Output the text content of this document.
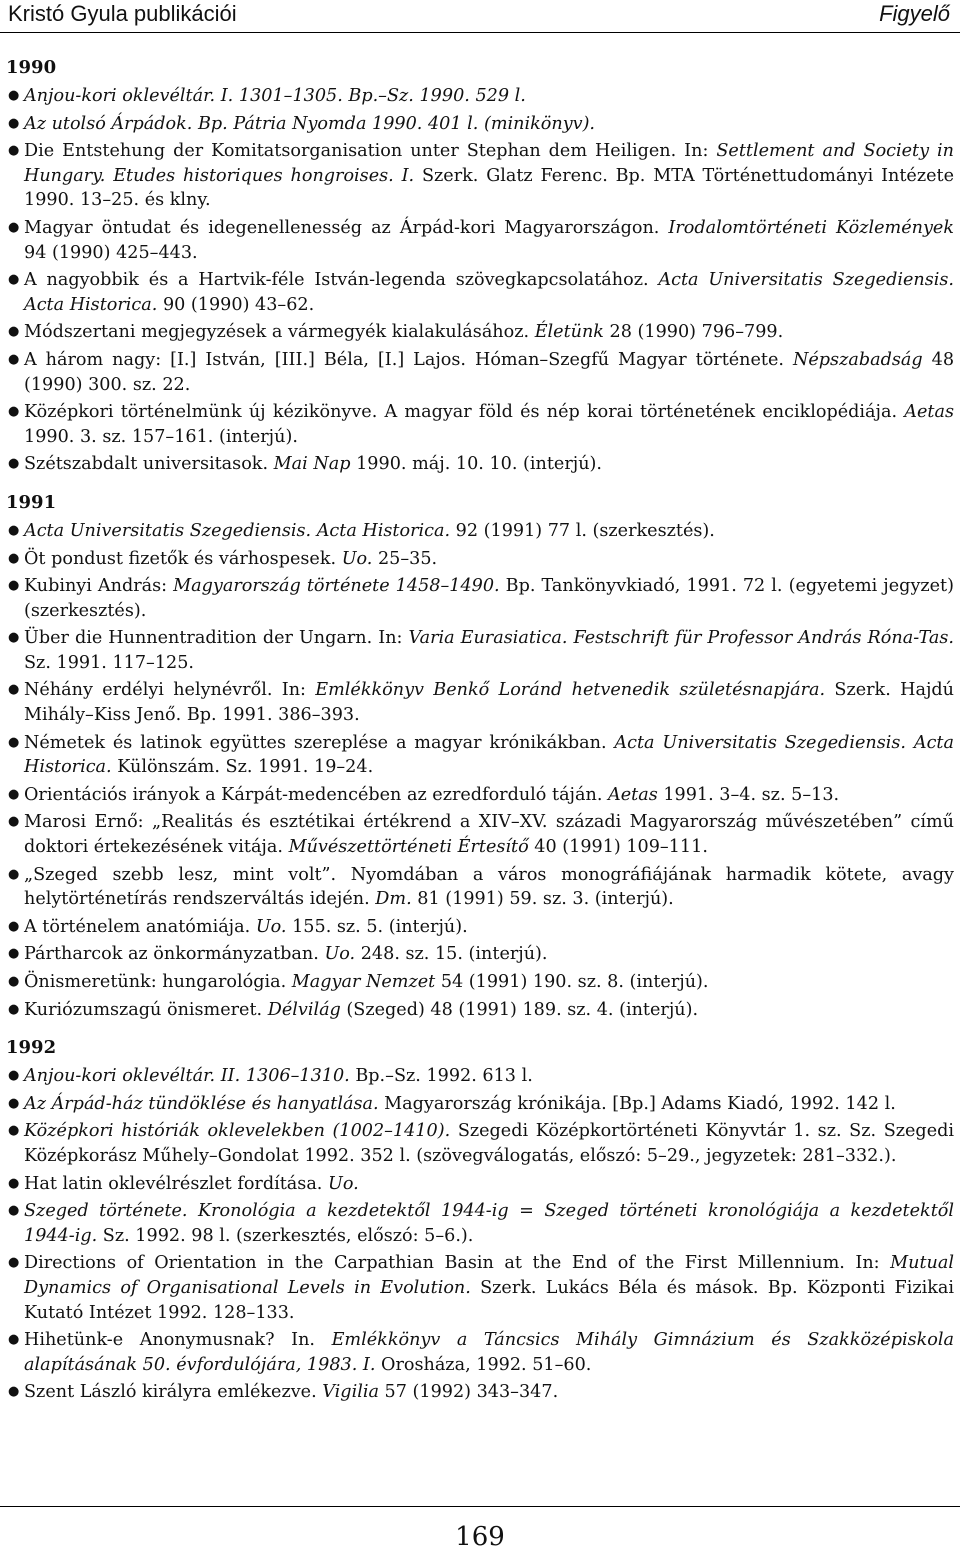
Kristó Gyula publikációi	Figyelő
1990
● Anjou-kori oklevéltár. I. 1301–1305. Bp.–Sz. 1990. 529 l.
● Az utolsó Árpádok. Bp. Pátria Nyomda 1990. 401 l. (minikönyv).
● Die Entstehung der Komitatsorganisation unter Stephan dem Heiligen. In: Settlement and Society in Hungary. Etudes historiques hongroises. I. Szerk. Glatz Ferenc. Bp. MTA Történettudományi Intézete 1990. 13–25. és klny.
● Magyar öntudat és idegenellenesség az Árpád-kori Magyarországon. Irodalomtörténeti Közlemények 94 (1990) 425–443.
● A nagyobbik és a Hartvik-féle István-legenda szövegkapcsolatához. Acta Universitatis Szegediensis. Acta Historica. 90 (1990) 43–62.
● Módszertani megjegyzések a vármegyék kialakulásához. Életünk 28 (1990) 796–799.
● A három nagy: [I.] István, [III.] Béla, [I.] Lajos. Hóman–Szegfű Magyar története. Népszabadság 48 (1990) 300. sz. 22.
● Középkori történelmünk új kézikönyve. A magyar föld és nép korai történetének enciklopédiája. Aetas 1990. 3. sz. 157–161. (interjú).
● Szétszabdalt universitasok. Mai Nap 1990. máj. 10. 10. (interjú).
1991
● Acta Universitatis Szegediensis. Acta Historica. 92 (1991) 77 l. (szerkesztés).
● Öt pondust fizetők és várhospesek. Uo. 25–35.
● Kubinyi András: Magyarország története 1458–1490. Bp. Tankönyvkiadó, 1991. 72 l. (egyetemi jegyzet) (szerkesztés).
● Über die Hunnentradition der Ungarn. In: Varia Eurasiatica. Festschrift für Professor András Róna-Tas. Sz. 1991. 117–125.
● Néhány erdélyi helynévről. In: Emlékkönyv Benkő Loránd hetvenedik születésnapjára. Szerk. Hajdú Mihály–Kiss Jenő. Bp. 1991. 386–393.
● Németek és latinok együttes szereplése a magyar krónikákban. Acta Universitatis Szegediensis. Acta Historica. Különszám. Sz. 1991. 19–24.
● Orientációs irányok a Kárpát-medencében az ezredforduló táján. Aetas 1991. 3–4. sz. 5–13.
● Marosi Ernő: „Realitás és esztétikai értékrend a XIV–XV. századi Magyarország művészetében” című doktori értekezésének vitája. Művészettörténeti Értesítő 40 (1991) 109–111.
● „Szeged szebb lesz, mint volt”. Nyomdában a város monográfiájának harmadik kötete, avagy helytörténetírás rendszerváltás idején. Dm. 81 (1991) 59. sz. 3. (interjú).
● A történelem anatómiája. Uo. 155. sz. 5. (interjú).
● Pártharcok az önkormányzatban. Uo. 248. sz. 15. (interjú).
● Önismeretünk: hungarológia. Magyar Nemzet 54 (1991) 190. sz. 8. (interjú).
● Kuriózumszagú önismeret. Délvilág (Szeged) 48 (1991) 189. sz. 4. (interjú).
1992
● Anjou-kori oklevéltár. II. 1306–1310. Bp.–Sz. 1992. 613 l.
● Az Árpád-ház tündöklése és hanyatlása. Magyarország krónikája. [Bp.] Adams Kiadó, 1992. 142 l.
● Középkori históriák oklevelekben (1002–1410). Szegedi Középkortörténeti Könyvtár 1. sz. Sz. Szegedi Középkorász Műhely–Gondolat 1992. 352 l. (szövegválogatás, előszó: 5–29., jegyzetek: 281–332.).
● Hat latin oklevélrészlet fordítása. Uo.
● Szeged története. Kronológia a kezdetektől 1944-ig = Szeged történeti kronológiája a kezdetektől 1944-ig. Sz. 1992. 98 l. (szerkesztés, előszó: 5–6.).
● Directions of Orientation in the Carpathian Basin at the End of the First Millennium. In: Mutual Dynamics of Organisational Levels in Evolution. Szerk. Lukács Béla és mások. Bp. Központi Fizikai Kutató Intézet 1992. 128–133.
● Hihetünk-e Anonymusnak? In. Emlékkönyv a Táncsics Mihály Gimnázium és Szakközépiskola alapításának 50. évfordulójára, 1983. I. Orosháza, 1992. 51–60.
● Szent László királyra emlékezve. Vigilia 57 (1992) 343–347.
169
